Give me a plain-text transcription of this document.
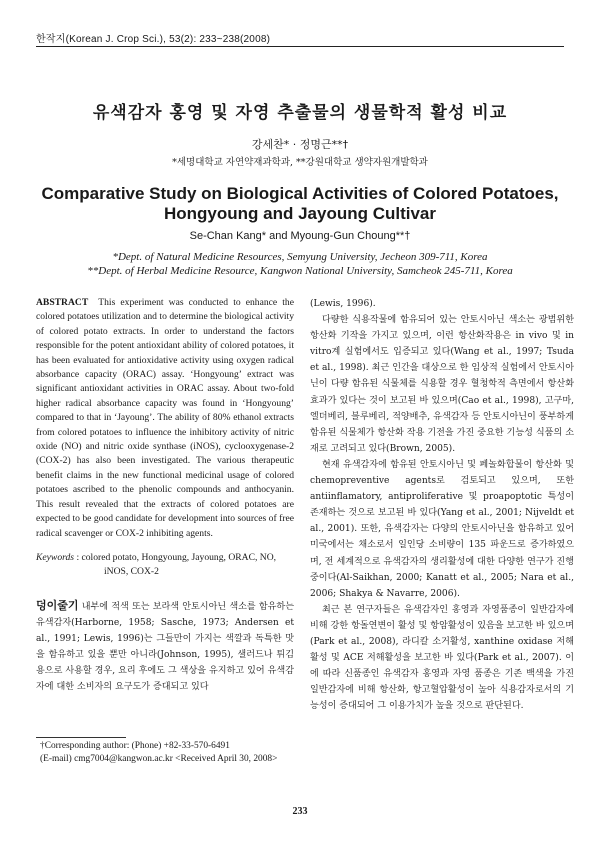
한작지(Korean J. Crop Sci.), 53(2): 233~238(2008)
유색감자 홍영 및 자영 추출물의 생물학적 활성 비교
강세찬* · 정명근**†
*세명대학교 자연약재과학과, **강원대학교 생약자원개발학과
Comparative Study on Biological Activities of Colored Potatoes, Hongyoung and Jayoung Cultivar
Se-Chan Kang* and Myoung-Gun Choung**†
*Dept. of Natural Medicine Resources, Semyung University, Jecheon 309-711, Korea
**Dept. of Herbal Medicine Resource, Kangwon National University, Samcheok 245-711, Korea

ABSTRACT This experiment was conducted to enhance the colored potatoes utilization and to determine the biological activity of colored potato extracts. In order to understand the factors responsible for the potent antioxidant ability of colored potatoes, it has been evaluated for antioxidative activity using oxygen radical absorbance capacity (ORAC) assay. ‘Hongyoung’ extract was significant antioxidant activities in ORAC assay. About two-fold higher radical absorbance capacity was found in ‘Hongyoung’ compared to that in ‘Jayoung’. The ability of 80% ethanol extracts from colored potatoes to influence the inhibitory activity of nitric oxide (NO) and nitric oxide synthase (iNOS), cyclooxygenase-2 (COX-2) has also been investigated. The various therapeutic benefit claims in the new functional medicinal usage of colored potatoes ascribed to the phenolic compounds and anthocyanin. This result revealed that the extracts of colored potatoes are expected to be good candidate for development into sources of free radical scavenger or COX-2 inhibiting agents.

Keywords : colored potato, Hongyoung, Jayoung, ORAC, NO, iNOS, COX-2

덩이줄기 내부에 적색 또는 보라색 안토시아닌 색소를 함유하는 유색감자(Harborne, 1958; Sasche, 1973; Andersen et al., 1991; Lewis, 1996)는 그들만이 가지는 색깔과 독특한 맛을 함유하고 있을 뿐만 아니라(Johnson, 1995), 샐러드나 튀김용으로 사용할 경우, 요리 후에도 그 색상을 유지하고 있어 유색감자에 대한 소비자의 요구도가 증대되고 있다

(Lewis, 1996).

다량한 식용작물에 함유되어 있는 안토시아닌 색소는 광범위한 항산화 기작을 가지고 있으며, 이런 항산화작용은 in vivo 및 in vitro계 실험에서도 입증되고 있다(Wang et al., 1997; Tsuda et al., 1998). 최근 인간을 대상으로 한 임상적 실험에서 안토시아닌이 다량 함유된 식물체를 식용할 경우 혈청학적 측면에서 항산화 효과가 있다는 것이 보고된 바 있으며(Cao et al., 1998), 고구마, 엘더베리, 블루베리, 적양배추, 유색감자 등 안토시아닌이 풍부하게 함유된 식물체가 항산화 작용 기전을 가진 중요한 기능성 식품의 소재로 고려되고 있다(Brown, 2005).

현재 유색감자에 함유된 안토시아닌 및 페놀화합물이 항산화 및 chemopreventive agents로 검토되고 있으며, 또한 antiinflamatory, antiproliferative 및 proapoptotic 특성이 존재하는 것으로 보고된 바 있다(Yang et al., 2001; Nijveldt et al., 2001). 또한, 유색감자는 다양의 안토시아닌을 함유하고 있어 미국에서는 채소로서 일인당 소비량이 135 파운드로 증가하였으며, 전 세계적으로 유색감자의 생리활성에 대한 다양한 연구가 진행 중이다(Al-Saikhan, 2000; Kanatt et al., 2005; Nara et al., 2006; Shakya & Navarre, 2006).

최근 본 연구자들은 유색감자인 홍영과 자영품종이 일반감자에 비해 강한 항돌연변이 활성 및 항암활성이 있음을 보고한 바 있으며(Park et al., 2008), 라디칼 소거활성, xanthine oxidase 저해활성 및 ACE 저해활성을 보고한 바 있다(Park et al., 2007). 이에 따라 신품종인 유색감자 홍영과 자영 품종은 기존 백색을 가진 일반감자에 비해 항산화, 항고혈압활성이 높아 식용감자로서의 기능성이 증대되어 그 이용가치가 높을 것으로 판단된다.

†Corresponding author: (Phone) +82-33-570-6491
(E-mail) cmg7004@kangwon.ac.kr <Received April 30, 2008>
233
